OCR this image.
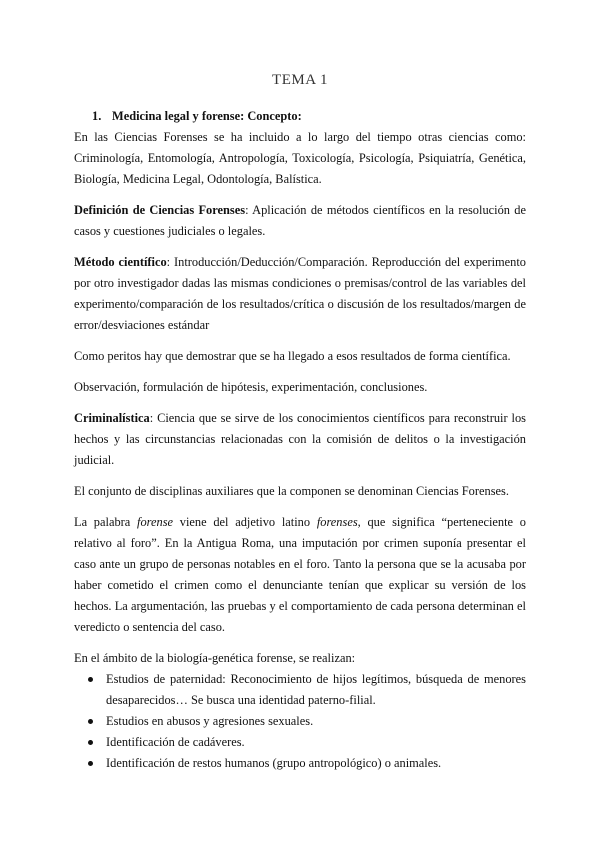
TEMA 1
1. Medicina legal y forense: Concepto:

En las Ciencias Forenses se ha incluido a lo largo del tiempo otras ciencias como: Criminología, Entomología, Antropología, Toxicología, Psicología, Psiquiatría, Genética, Biología, Medicina Legal, Odontología, Balística.

Definición de Ciencias Forenses: Aplicación de métodos científicos en la resolución de casos y cuestiones judiciales o legales.

Método científico: Introducción/Deducción/Comparación. Reproducción del experimento por otro investigador dadas las mismas condiciones o premisas/control de las variables del experimento/comparación de los resultados/crítica o discusión de los resultados/margen de error/desviaciones estándar

Como peritos hay que demostrar que se ha llegado a esos resultados de forma científica.

Observación, formulación de hipótesis, experimentación, conclusiones.

Criminalística: Ciencia que se sirve de los conocimientos científicos para reconstruir los hechos y las circunstancias relacionadas con la comisión de delitos o la investigación judicial.

El conjunto de disciplinas auxiliares que la componen se denominan Ciencias Forenses.

La palabra forense viene del adjetivo latino forenses, que significa “perteneciente o relativo al foro”. En la Antigua Roma, una imputación por crimen suponía presentar el caso ante un grupo de personas notables en el foro. Tanto la persona que se la acusaba por haber cometido el crimen como el denunciante tenían que explicar su versión de los hechos. La argumentación, las pruebas y el comportamiento de cada persona determinan el veredicto o sentencia del caso.

En el ámbito de la biología-genética forense, se realizan:

Estudios de paternidad: Reconocimiento de hijos legítimos, búsqueda de menores desaparecidos… Se busca una identidad paterno-filial.
Estudios en abusos y agresiones sexuales.
Identificación de cadáveres.
Identificación de restos humanos (grupo antropológico) o animales.
